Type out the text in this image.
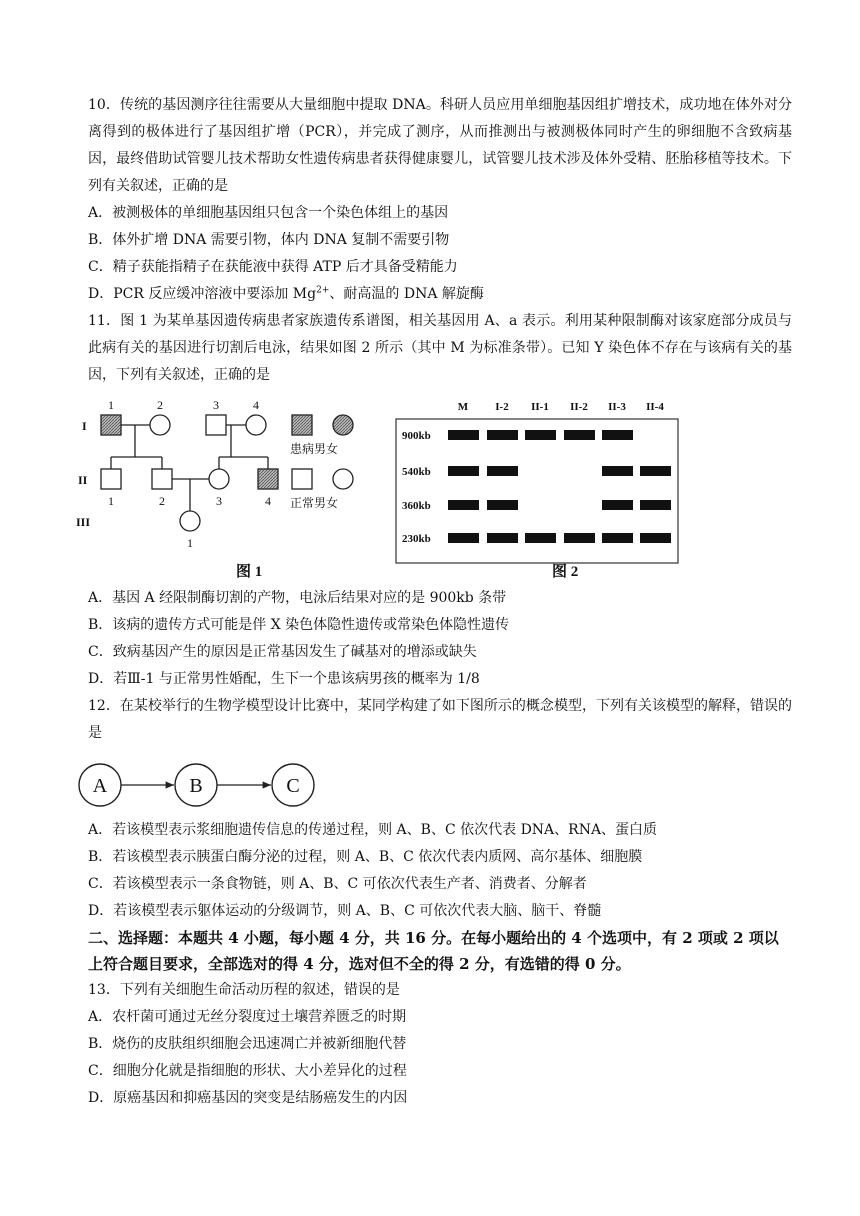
10．传统的基因测序往往需要从大量细胞中提取 DNA。科研人员应用单细胞基因组扩增技术，成功地在体外对分离得到的极体进行了基因组扩增（PCR），并完成了测序，从而推测出与被测极体同时产生的卵细胞不含致病基因，最终借助试管婴儿技术帮助女性遗传病患者获得健康婴儿，试管婴儿技术涉及体外受精、胚胎移植等技术。下列有关叙述，正确的是

A．被测极体的单细胞基因组只包含一个染色体组上的基因

B．体外扩增 DNA 需要引物，体内 DNA 复制不需要引物

C．精子获能指精子在获能液中获得 ATP 后才具备受精能力

D．PCR 反应缓冲溶液中要添加 $Mg^{2+}$、耐高温的 DNA 解旋酶

11．图 1 为某单基因遗传病患者家族遗传系谱图，相关基因用 A、a 表示。利用某种限制酶对该家庭部分成员与此病有关的基因进行切割后电泳，结果如图 2 所示（其中 M 为标准条带）。已知 Y 染色体不存在与该病有关的基因，下列有关叙述，正确的是

I
II
III
1	2	3	4
1	2	3	4
1
患病男女
正常男女
图 1
M I-2 II-1 II-2 II-3 II-4
900kb
540kb
360kb
230kb
图 2

A．基因 A 经限制酶切割的产物，电泳后结果对应的是 900kb 条带

B．该病的遗传方式可能是伴 X 染色体隐性遗传或常染色体隐性遗传

C．致病基因产生的原因是正常基因发生了碱基对的增添或缺失

D．若Ⅲ-1 与正常男性婚配，生下一个患该病男孩的概率为 1/8

12．在某校举行的生物学模型设计比赛中，某同学构建了如下图所示的概念模型，下列有关该模型的解释，错误的是

A	B	C

A．若该模型表示浆细胞遗传信息的传递过程，则 A、B、C 依次代表 DNA、RNA、蛋白质

B．若该模型表示胰蛋白酶分泌的过程，则 A、B、C 依次代表内质网、高尔基体、细胞膜

C．若该模型表示一条食物链，则 A、B、C 可依次代表生产者、消费者、分解者

D．若该模型表示躯体运动的分级调节，则 A、B、C 可依次代表大脑、脑干、脊髓

二、选择题：本题共 4 小题，每小题 4 分，共 16 分。在每小题给出的 4 个选项中，有 2 项或 2 项以上符合题目要求，全部选对的得 4 分，选对但不全的得 2 分，有选错的得 0 分。

13．下列有关细胞生命活动历程的叙述，错误的是

A．农杆菌可通过无丝分裂度过土壤营养匮乏的时期

B．烧伤的皮肤组织细胞会迅速凋亡并被新细胞代替

C．细胞分化就是指细胞的形状、大小差异化的过程

D．原癌基因和抑癌基因的突变是结肠癌发生的内因
